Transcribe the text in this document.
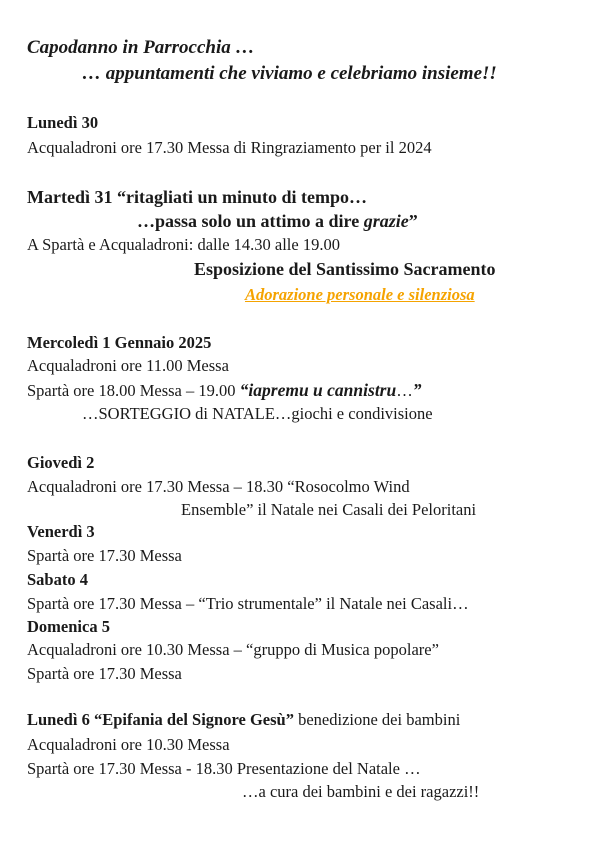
Capodanno in Parrocchia …
… appuntamenti che viviamo e celebriamo insieme!!
Lunedì 30
Acqualadroni ore 17.30 Messa di Ringraziamento per il 2024
Martedì 31 “ritagliati un minuto di tempo…
…passa solo un attimo a dire grazie”
A Spartà e Acqualadroni: dalle 14.30 alle 19.00
Esposizione del Santissimo Sacramento
Adorazione personale e silenziosa
Mercoledì 1 Gennaio 2025
Acqualadroni ore 11.00 Messa
Spartà ore 18.00 Messa – 19.00 “iapremu u cannistru…”
…SORTEGGIO di NATALE…giochi e condivisione
Giovedì 2
Acqualadroni ore 17.30 Messa – 18.30 “Rosocolmo Wind
Ensemble” il Natale nei Casali dei Peloritani
Venerdì 3
Spartà ore 17.30 Messa
Sabato 4
Spartà ore 17.30 Messa – “Trio strumentale” il Natale nei Casali…
Domenica 5
Acqualadroni ore 10.30 Messa – “gruppo di Musica popolare”
Spartà ore 17.30 Messa
Lunedì 6 “Epifania del Signore Gesù” benedizione dei bambini
Acqualadroni ore 10.30 Messa
Spartà ore 17.30 Messa - 18.30 Presentazione del Natale …
…a cura dei bambini e dei ragazzi!!
